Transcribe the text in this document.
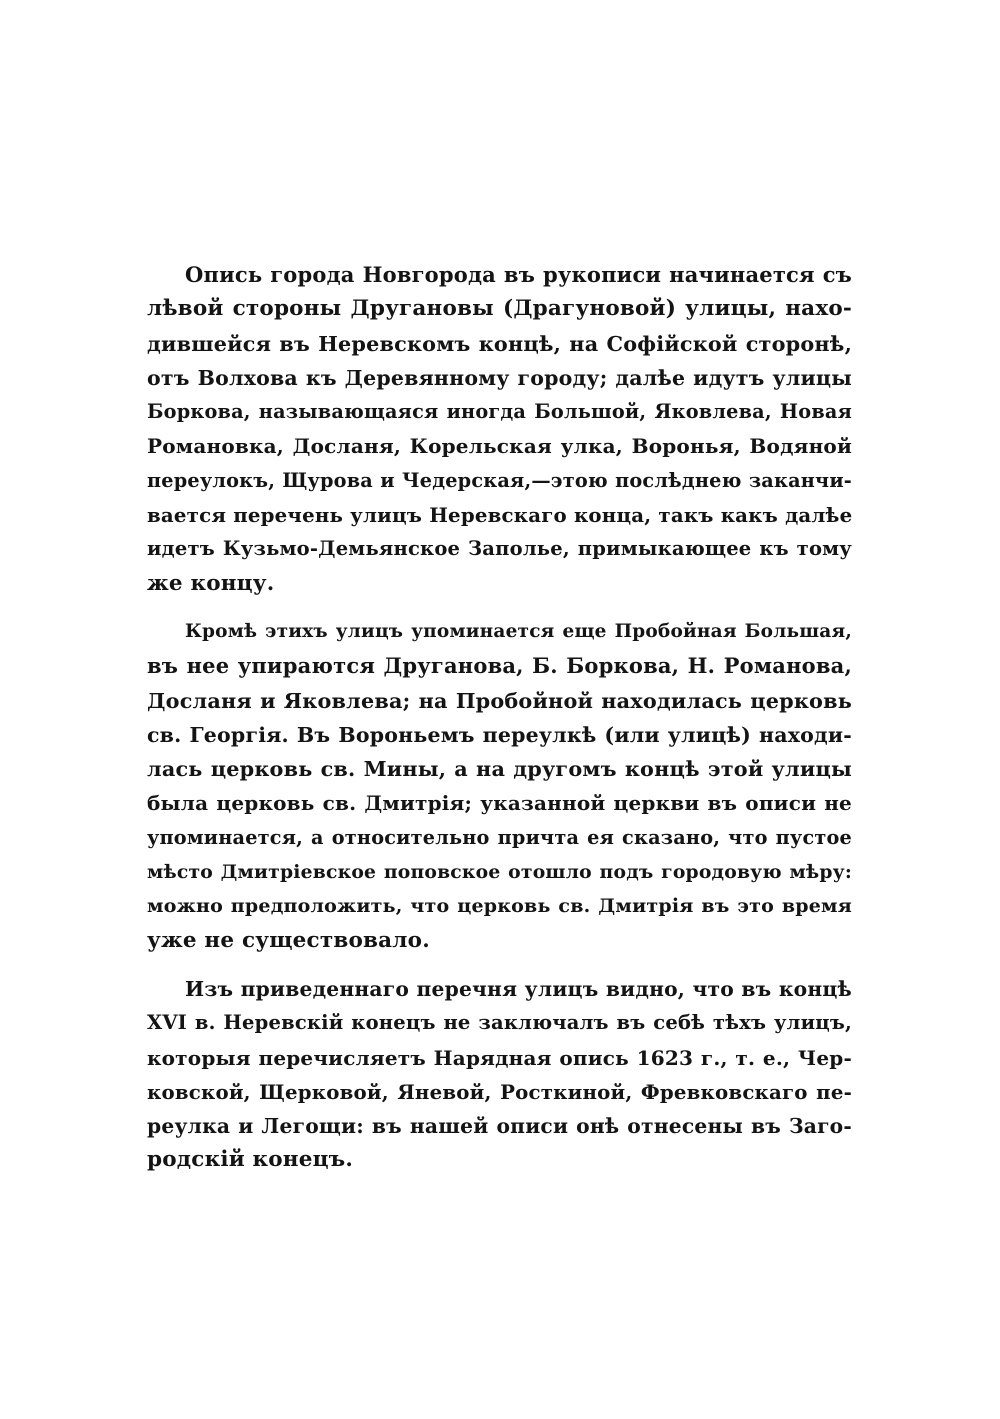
Опись города Новгорода въ рукописи начинается съ
лѣвой стороны Другановы (Драгуновой) улицы, нахо-
дившейся въ Неревскомъ концѣ, на Софійской сторонѣ,
отъ Волхова къ Деревянному городу; далѣе идутъ улицы
Боркова, называющаяся иногда Большой, Яковлева, Новая
Романовка, Досланя, Корельская улка, Воронья, Водяной
переулокъ, Щурова и Чедерская,—этою послѣднею заканчи-
вается перечень улицъ Неревскаго конца, такъ какъ далѣе
идетъ Кузьмо-Демьянское Заполье, примыкающее къ тому
же концу.
Кромѣ этихъ улицъ упоминается еще Пробойная Большая,
въ нее упираются Друганова, Б. Боркова, Н. Романова,
Досланя и Яковлева; на Пробойной находилась церковь
св. Георгія. Въ Вороньемъ переулкѣ (или улицѣ) находи-
лась церковь св. Мины, а на другомъ концѣ этой улицы
была церковь св. Дмитрія; указанной церкви въ описи не
упоминается, а относительно причта ея сказано, что пустое
мѣсто Дмитріевское поповское отошло подъ городовую мѣру:
можно предположить, что церковь св. Дмитрія въ это время
уже не существовало.
Изъ приведеннаго перечня улицъ видно, что въ концѣ
XVI в. Неревскій конецъ не заключалъ въ себѣ тѣхъ улицъ,
которыя перечисляетъ Нарядная опись 1623 г., т. е., Чер-
ковской, Щерковой, Яневой, Росткиной, Фревковскаго пе-
реулка и Легощи: въ нашей описи онѣ отнесены въ Заго-
родскій конецъ.
